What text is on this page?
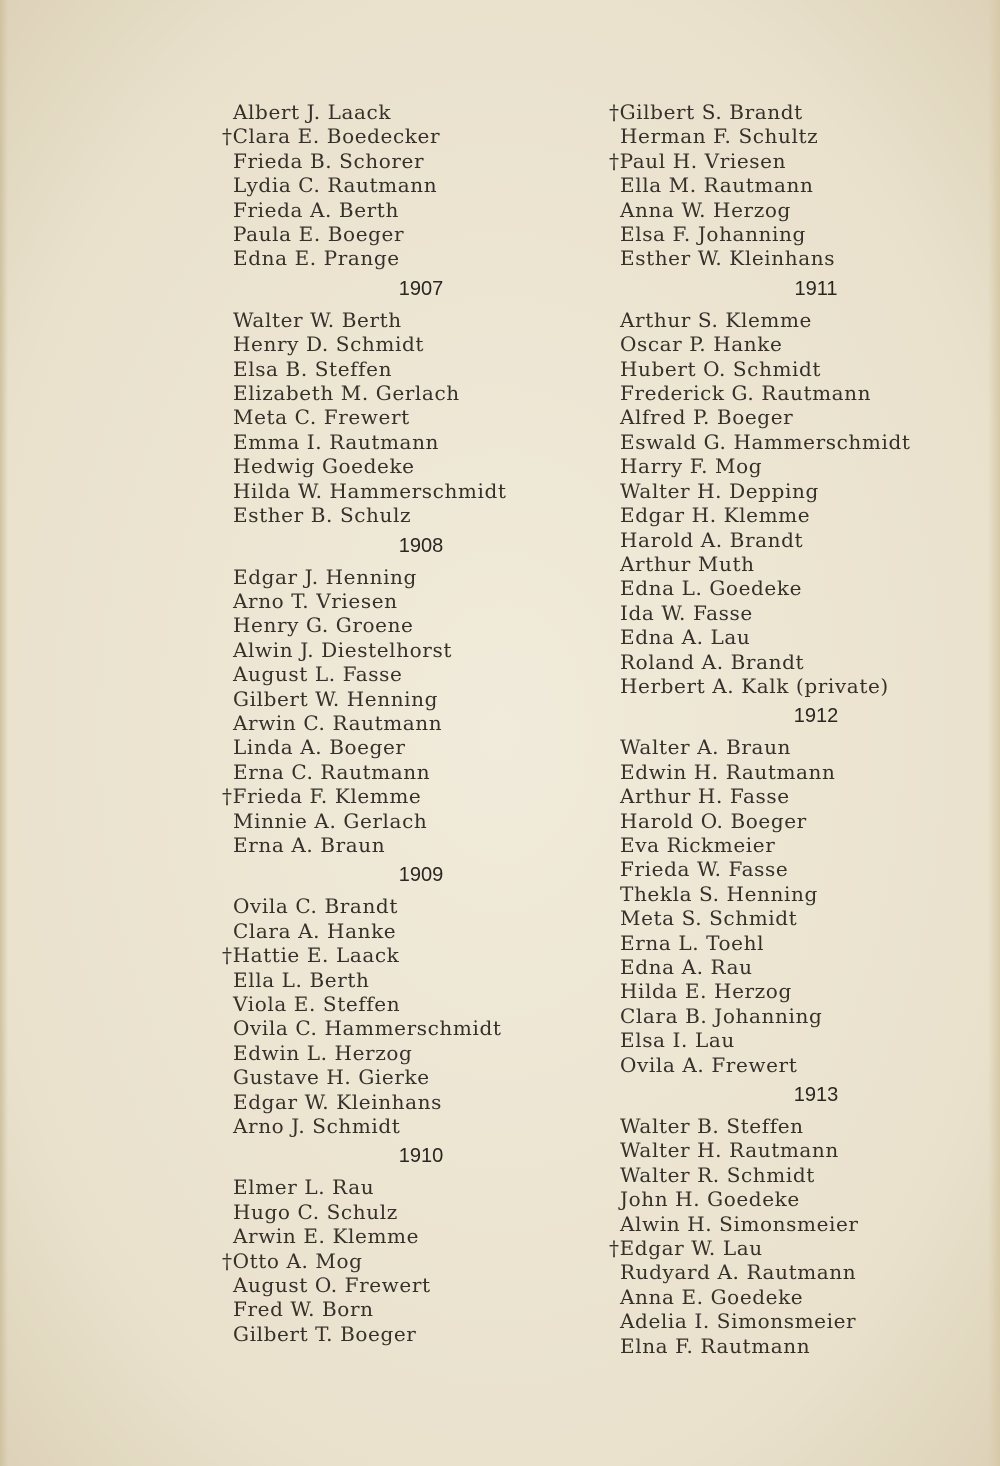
Albert J. Laack
†Clara E. Boedecker
Frieda B. Schorer
Lydia C. Rautmann
Frieda A. Berth
Paula E. Boeger
Edna E. Prange
1907
Walter W. Berth
Henry D. Schmidt
Elsa B. Steffen
Elizabeth M. Gerlach
Meta C. Frewert
Emma I. Rautmann
Hedwig Goedeke
Hilda W. Hammerschmidt
Esther B. Schulz
1908
Edgar J. Henning
Arno T. Vriesen
Henry G. Groene
Alwin J. Diestelhorst
August L. Fasse
Gilbert W. Henning
Arwin C. Rautmann
Linda A. Boeger
Erna C. Rautmann
†Frieda F. Klemme
Minnie A. Gerlach
Erna A. Braun
1909
Ovila C. Brandt
Clara A. Hanke
†Hattie E. Laack
Ella L. Berth
Viola E. Steffen
Ovila C. Hammerschmidt
Edwin L. Herzog
Gustave H. Gierke
Edgar W. Kleinhans
Arno J. Schmidt
1910
Elmer L. Rau
Hugo C. Schulz
Arwin E. Klemme
†Otto A. Mog
August O. Frewert
Fred W. Born
Gilbert T. Boeger
†Gilbert S. Brandt
Herman F. Schultz
†Paul H. Vriesen
Ella M. Rautmann
Anna W. Herzog
Elsa F. Johanning
Esther W. Kleinhans
1911
Arthur S. Klemme
Oscar P. Hanke
Hubert O. Schmidt
Frederick G. Rautmann
Alfred P. Boeger
Eswald G. Hammerschmidt
Harry F. Mog
Walter H. Depping
Edgar H. Klemme
Harold A. Brandt
Arthur Muth
Edna L. Goedeke
Ida W. Fasse
Edna A. Lau
Roland A. Brandt
Herbert A. Kalk (private)
1912
Walter A. Braun
Edwin H. Rautmann
Arthur H. Fasse
Harold O. Boeger
Eva Rickmeier
Frieda W. Fasse
Thekla S. Henning
Meta S. Schmidt
Erna L. Toehl
Edna A. Rau
Hilda E. Herzog
Clara B. Johanning
Elsa I. Lau
Ovila A. Frewert
1913
Walter B. Steffen
Walter H. Rautmann
Walter R. Schmidt
John H. Goedeke
Alwin H. Simonsmeier
†Edgar W. Lau
Rudyard A. Rautmann
Anna E. Goedeke
Adelia I. Simonsmeier
Elna F. Rautmann
